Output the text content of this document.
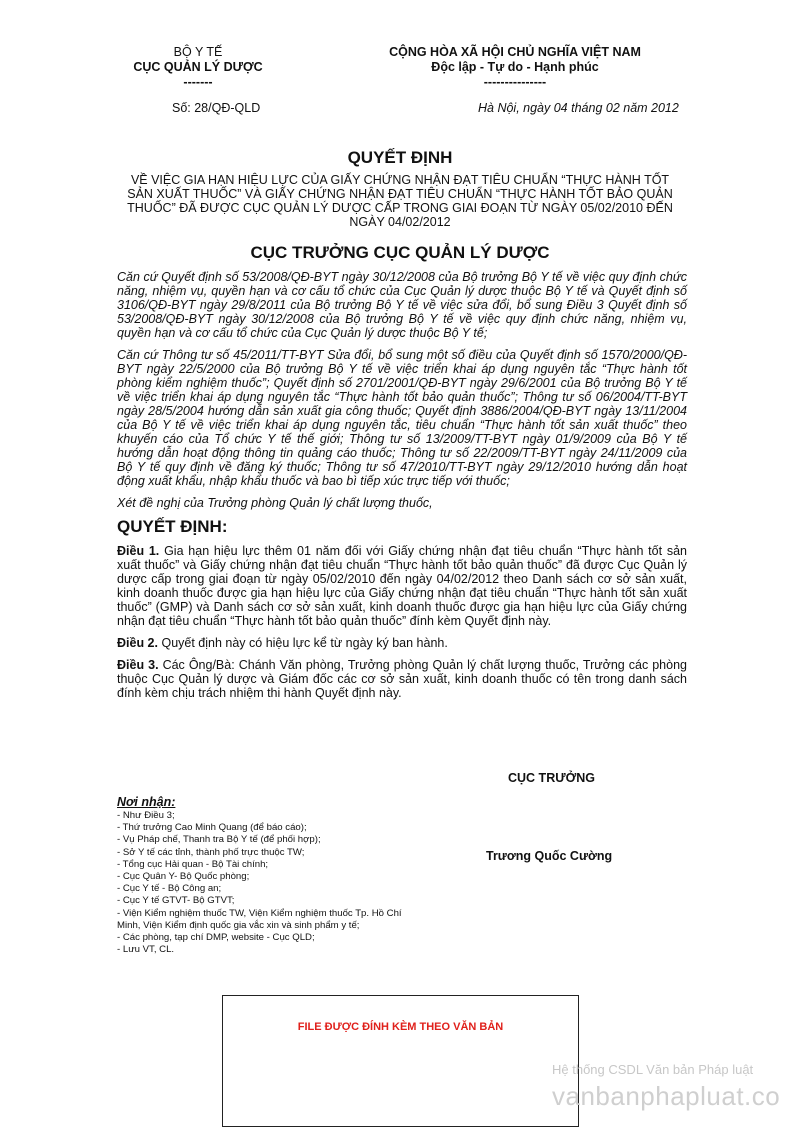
BỘ Y TẾ
CỤC QUẢN LÝ DƯỢC
-------
CỘNG HÒA XÃ HỘI CHỦ NGHĨA VIỆT NAM
Độc lập - Tự do - Hạnh phúc
---------------
Số: 28/QĐ-QLD	Hà Nội, ngày 04 tháng 02 năm 2012
QUYẾT ĐỊNH
VỀ VIỆC GIA HẠN HIỆU LỰC CỦA GIẤY CHỨNG NHẬN ĐẠT TIÊU CHUẨN “THỰC HÀNH TỐT SẢN XUẤT THUỐC” VÀ GIẤY CHỨNG NHẬN ĐẠT TIÊU CHUẨN “THỰC HÀNH TỐT BẢO QUẢN THUỐC” ĐÃ ĐƯỢC CỤC QUẢN LÝ DƯỢC CẤP TRONG GIAI ĐOẠN TỪ NGÀY 05/02/2010 ĐẾN NGÀY 04/02/2012
CỤC TRƯỞNG CỤC QUẢN LÝ DƯỢC

Căn cứ Quyết định số 53/2008/QĐ-BYT ngày 30/12/2008 của Bộ trưởng Bộ Y tế về việc quy định chức năng, nhiệm vụ, quyền hạn và cơ cấu tổ chức của Cục Quản lý dược thuộc Bộ Y tế và Quyết định số 3106/QĐ-BYT ngày 29/8/2011 của Bộ trưởng Bộ Y tế về việc sửa đổi, bổ sung Điều 3 Quyết định số 53/2008/QĐ-BYT ngày 30/12/2008 của Bộ trưởng Bộ Y tế về việc quy định chức năng, nhiệm vụ, quyền hạn và cơ cấu tổ chức của Cục Quản lý dược thuộc Bộ Y tế;

Căn cứ Thông tư số 45/2011/TT-BYT Sửa đổi, bổ sung một số điều của Quyết định số 1570/2000/QĐ-BYT ngày 22/5/2000 của Bộ trưởng Bộ Y tế về việc triển khai áp dụng nguyên tắc “Thực hành tốt phòng kiểm nghiệm thuốc”; Quyết định số 2701/2001/QĐ-BYT ngày 29/6/2001 của Bộ trưởng Bộ Y tế về việc triển khai áp dụng nguyên tắc “Thực hành tốt bảo quản thuốc”; Thông tư số 06/2004/TT-BYT ngày 28/5/2004 hướng dẫn sản xuất gia công thuốc; Quyết định 3886/2004/QĐ-BYT ngày 13/11/2004 của Bộ Y tế về việc triển khai áp dụng nguyên tắc, tiêu chuẩn “Thực hành tốt sản xuất thuốc” theo khuyến cáo của Tổ chức Y tế thế giới; Thông tư số 13/2009/TT-BYT ngày 01/9/2009 của Bộ Y tế hướng dẫn hoạt động thông tin quảng cáo thuốc; Thông tư số 22/2009/TT-BYT ngày 24/11/2009 của Bộ Y tế quy định về đăng ký thuốc; Thông tư số 47/2010/TT-BYT ngày 29/12/2010 hướng dẫn hoạt động xuất khẩu, nhập khẩu thuốc và bao bì tiếp xúc trực tiếp với thuốc;

Xét đề nghị của Trưởng phòng Quản lý chất lượng thuốc,

QUYẾT ĐỊNH:

Điều 1. Gia hạn hiệu lực thêm 01 năm đối với Giấy chứng nhận đạt tiêu chuẩn “Thực hành tốt sản xuất thuốc” và Giấy chứng nhận đạt tiêu chuẩn “Thực hành tốt bảo quản thuốc” đã được Cục Quản lý dược cấp trong giai đoạn từ ngày 05/02/2010 đến ngày 04/02/2012 theo Danh sách cơ sở sản xuất, kinh doanh thuốc được gia hạn hiệu lực của Giấy chứng nhận đạt tiêu chuẩn “Thực hành tốt sản xuất thuốc” (GMP) và Danh sách cơ sở sản xuất, kinh doanh thuốc được gia hạn hiệu lực của Giấy chứng nhận đạt tiêu chuẩn “Thực hành tốt bảo quản thuốc” đính kèm Quyết định này.

Điều 2. Quyết định này có hiệu lực kể từ ngày ký ban hành.

Điều 3. Các Ông/Bà: Chánh Văn phòng, Trưởng phòng Quản lý chất lượng thuốc, Trưởng các phòng thuộc Cục Quản lý dược và Giám đốc các cơ sở sản xuất, kinh doanh thuốc có tên trong danh sách đính kèm chịu trách nhiệm thi hành Quyết định này.

CỤC TRƯỞNG
Trương Quốc Cường
Nơi nhận:
- Như Điều 3;
- Thứ trưởng Cao Minh Quang (để báo cáo);
- Vụ Pháp chế, Thanh tra Bộ Y tế (để phối hợp);
- Sở Y tế các tỉnh, thành phố trực thuộc TW;
- Tổng cục Hải quan - Bộ Tài chính;
- Cục Quân Y- Bộ Quốc phòng;
- Cục Y tế - Bộ Công an;
- Cục Y tế GTVT- Bộ GTVT;
- Viện Kiểm nghiệm thuốc TW, Viện Kiểm nghiệm thuốc Tp. Hồ Chí Minh, Viện Kiểm định quốc gia vắc xin và sinh phẩm y tế;
- Các phòng, tạp chí DMP, website - Cục QLD;
- Lưu VT, CL.
FILE ĐƯỢC ĐÍNH KÈM THEO VĂN BẢN
Hệ thống CSDL Văn bản Pháp luật
vanbanphapluat.co
